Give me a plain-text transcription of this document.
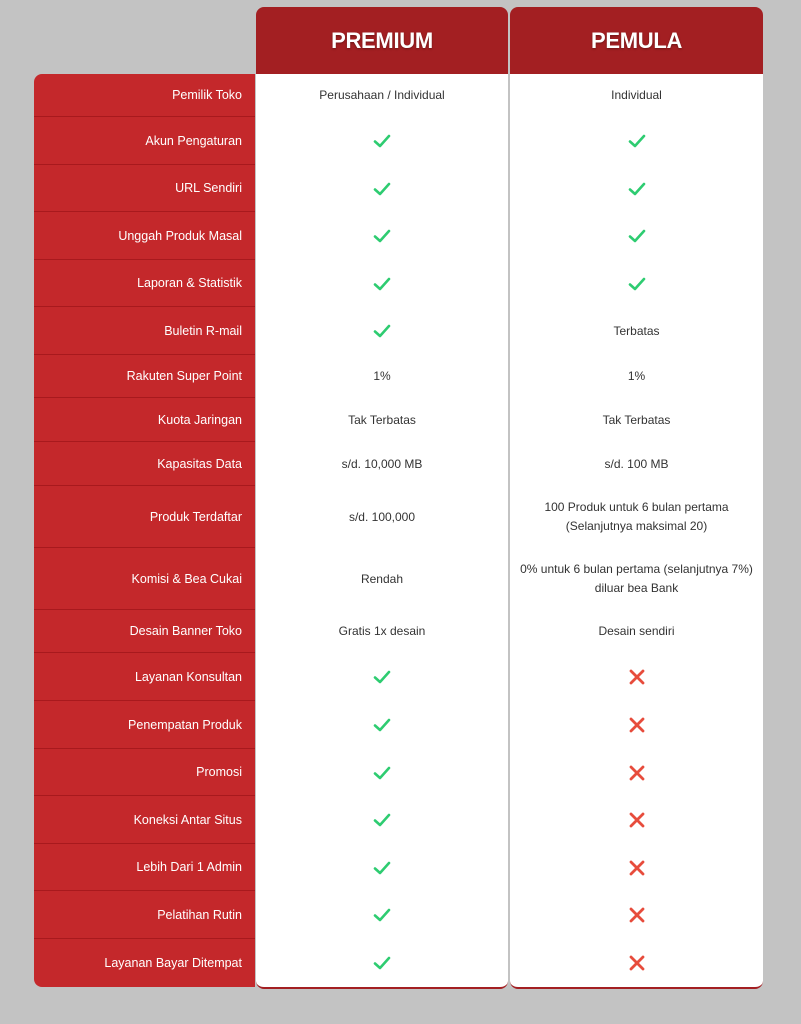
PREMIUM	PEMULA
Pemilik Toko
Akun Pengaturan
URL Sendiri
Unggah Produk Masal
Laporan & Statistik
Buletin R-mail
Rakuten Super Point
Kuota Jaringan
Kapasitas Data
Produk Terdaftar
Komisi & Bea Cukai
Desain Banner Toko
Layanan Konsultan
Penempatan Produk
Promosi
Koneksi Antar Situs
Lebih Dari 1 Admin
Pelatihan Rutin
Layanan Bayar Ditempat
Perusahaan / Individual
1%
Tak Terbatas
s/d. 10,000 MB
s/d. 100,000
Rendah
Gratis 1x desain
Individual
Terbatas
1%
Tak Terbatas
s/d. 100 MB
100 Produk untuk 6 bulan pertama (Selanjutnya maksimal 20)
0% untuk 6 bulan pertama (selanjutnya 7%) diluar bea Bank
Desain sendiri
